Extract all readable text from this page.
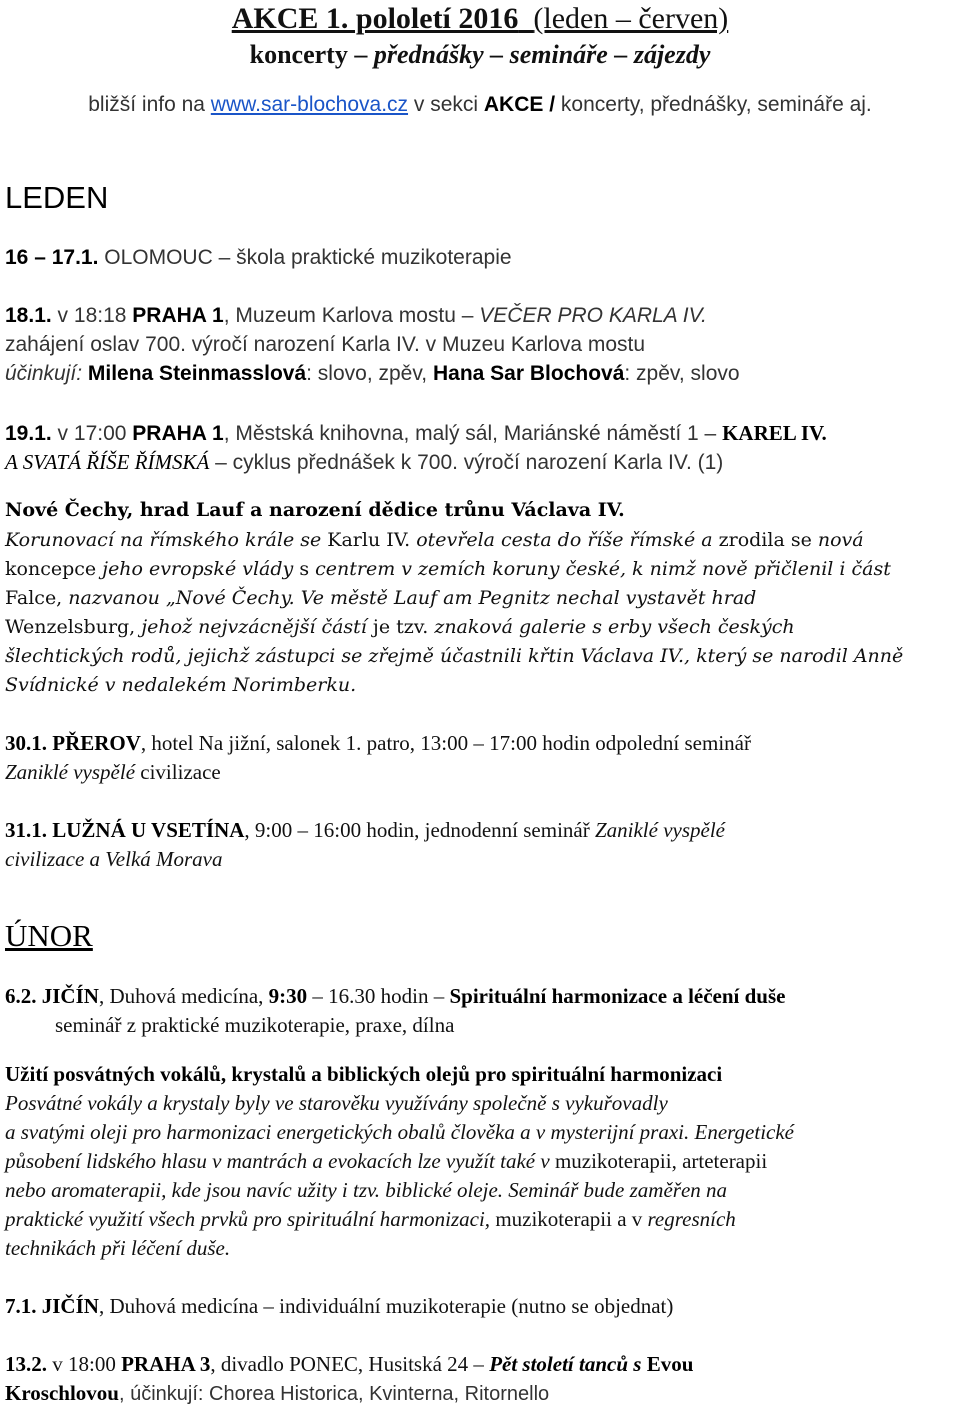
AKCE 1. pololetí 2016 (leden – červen)
koncerty – přednášky – semináře – zájezdy
bližší info na www.sar-blochova.cz v sekci AKCE / koncerty, přednášky, semináře aj.
LEDEN
16 – 17.1. OLOMOUC – škola praktické muzikoterapie
18.1. v 18:18 PRAHA 1, Muzeum Karlova mostu – VEČER PRO KARLA IV.
zahájení oslav 700. výročí narození Karla IV. v Muzeu Karlova mostu
účinkují: Milena Steinmasslová: slovo, zpěv, Hana Sar Blochová: zpěv, slovo
19.1. v 17:00 PRAHA 1, Městská knihovna, malý sál, Mariánské náměstí 1 – KAREL IV.
A SVATÁ ŘÍŠE ŘÍMSKÁ – cyklus přednášek k 700. výročí narození Karla IV. (1)
Nové Čechy, hrad Lauf a narození dědice trůnu Václava IV.
Korunovací na římského krále se Karlu IV. otevřela cesta do říše římské a zrodila se nová
koncepce jeho evropské vlády s centrem v zemích koruny české, k nimž nově přičlenil i část
Falce, nazvanou „Nové Čechy. Ve městě Lauf am Pegnitz nechal vystavět hrad
Wenzelsburg, jehož nejvzácnější částí je tzv. znaková galerie s erby všech českých
šlechtických rodů, jejichž zástupci se zřejmě účastnili křtin Václava IV., který se narodil Anně
Svídnické v nedalekém Norimberku.
30.1. PŘEROV, hotel Na jižní, salonek 1. patro, 13:00 – 17:00 hodin odpolední seminář
Zaniklé vyspělé civilizace
31.1. LUŽNÁ U VSETÍNA, 9:00 – 16:00 hodin, jednodenní seminář Zaniklé vyspělé
civilizace a Velká Morava
ÚNOR
6.2. JIČÍN, Duhová medicína, 9:30 – 16.30 hodin – Spirituální harmonizace a léčení duše
seminář z praktické muzikoterapie, praxe, dílna
Užití posvátných vokálů, krystalů a biblických olejů pro spirituální harmonizaci
Posvátné vokály a krystaly byly ve starověku využívány společně s vykuřovadly
a svatými oleji pro harmonizaci energetických obalů člověka a v mysterijní praxi. Energetické
působení lidského hlasu v mantrách a evokacích lze využít také v muzikoterapii, arteterapii
nebo aromaterapii, kde jsou navíc užity i tzv. biblické oleje. Seminář bude zaměřen na
praktické využití všech prvků pro spirituální harmonizaci, muzikoterapii a v regresních
technikách při léčení duše.
7.1. JIČÍN, Duhová medicína – individuální muzikoterapie (nutno se objednat)
13.2. v 18:00 PRAHA 3, divadlo PONEC, Husitská 24 – Pět století tanců s Evou
Kroschlovou, účinkují: Chorea Historica, Kvinterna, Ritornello
